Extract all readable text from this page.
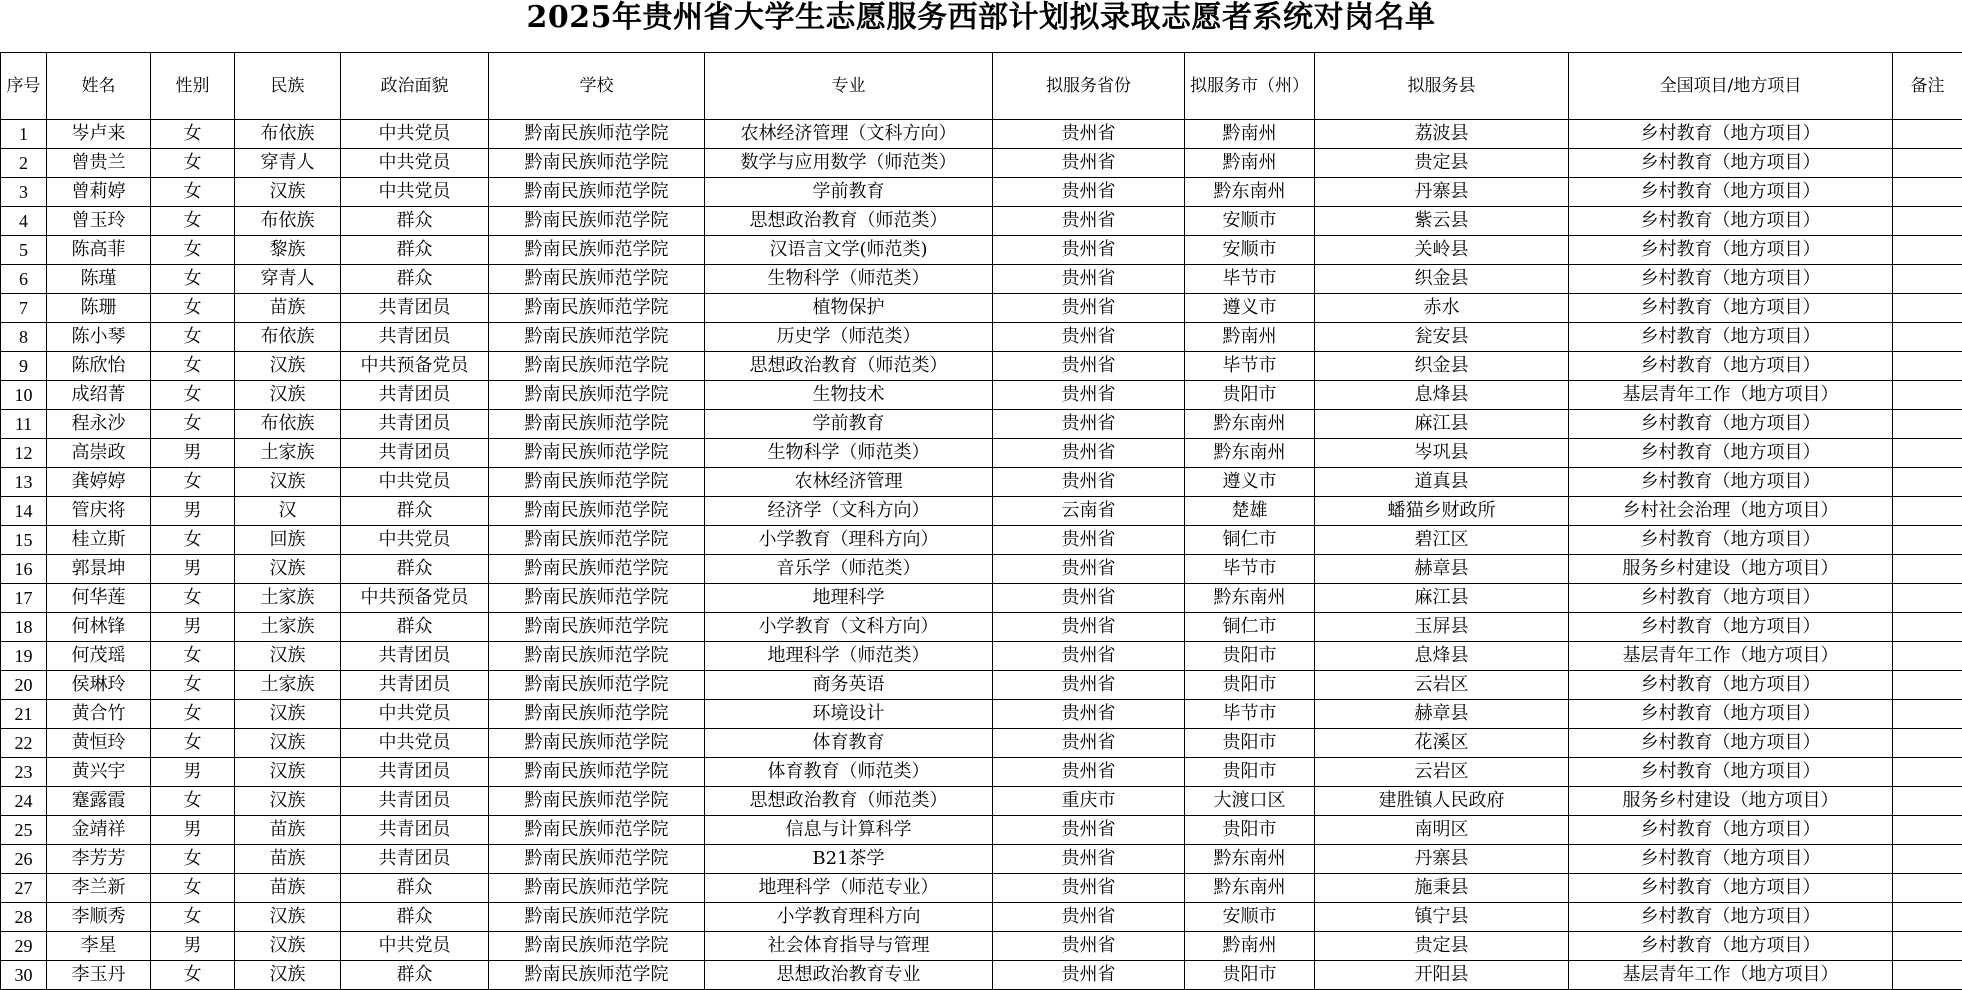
2025年贵州省大学生志愿服务西部计划拟录取志愿者系统对岗名单
序号	姓名	性别	民族	政治面貌	学校	专业	拟服务省份	拟服务市（州）	拟服务县	全国项目/地方项目	备注
1	岑卢来	女	布依族	中共党员	黔南民族师范学院	农林经济管理（文科方向）	贵州省	黔南州	荔波县	乡村教育（地方项目）	
2	曾贵兰	女	穿青人	中共党员	黔南民族师范学院	数学与应用数学（师范类）	贵州省	黔南州	贵定县	乡村教育（地方项目）	
3	曾莉婷	女	汉族	中共党员	黔南民族师范学院	学前教育	贵州省	黔东南州	丹寨县	乡村教育（地方项目）	
4	曾玉玲	女	布依族	群众	黔南民族师范学院	思想政治教育（师范类）	贵州省	安顺市	紫云县	乡村教育（地方项目）	
5	陈高菲	女	黎族	群众	黔南民族师范学院	汉语言文学(师范类)	贵州省	安顺市	关岭县	乡村教育（地方项目）	
6	陈瑾	女	穿青人	群众	黔南民族师范学院	生物科学（师范类）	贵州省	毕节市	织金县	乡村教育（地方项目）	
7	陈珊	女	苗族	共青团员	黔南民族师范学院	植物保护	贵州省	遵义市	赤水	乡村教育（地方项目）	
8	陈小琴	女	布依族	共青团员	黔南民族师范学院	历史学（师范类）	贵州省	黔南州	瓮安县	乡村教育（地方项目）	
9	陈欣怡	女	汉族	中共预备党员	黔南民族师范学院	思想政治教育（师范类）	贵州省	毕节市	织金县	乡村教育（地方项目）	
10	成绍菁	女	汉族	共青团员	黔南民族师范学院	生物技术	贵州省	贵阳市	息烽县	基层青年工作（地方项目）	
11	程永沙	女	布依族	共青团员	黔南民族师范学院	学前教育	贵州省	黔东南州	麻江县	乡村教育（地方项目）	
12	高崇政	男	土家族	共青团员	黔南民族师范学院	生物科学（师范类）	贵州省	黔东南州	岑巩县	乡村教育（地方项目）	
13	龚婷婷	女	汉族	中共党员	黔南民族师范学院	农林经济管理	贵州省	遵义市	道真县	乡村教育（地方项目）	
14	管庆将	男	汉	群众	黔南民族师范学院	经济学（文科方向）	云南省	楚雄	蟠猫乡财政所	乡村社会治理（地方项目）	
15	桂立斯	女	回族	中共党员	黔南民族师范学院	小学教育（理科方向）	贵州省	铜仁市	碧江区	乡村教育（地方项目）	
16	郭景坤	男	汉族	群众	黔南民族师范学院	音乐学（师范类）	贵州省	毕节市	赫章县	服务乡村建设（地方项目）	
17	何华莲	女	土家族	中共预备党员	黔南民族师范学院	地理科学	贵州省	黔东南州	麻江县	乡村教育（地方项目）	
18	何林锋	男	土家族	群众	黔南民族师范学院	小学教育（文科方向）	贵州省	铜仁市	玉屏县	乡村教育（地方项目）	
19	何茂瑶	女	汉族	共青团员	黔南民族师范学院	地理科学（师范类）	贵州省	贵阳市	息烽县	基层青年工作（地方项目）	
20	侯琳玲	女	土家族	共青团员	黔南民族师范学院	商务英语	贵州省	贵阳市	云岩区	乡村教育（地方项目）	
21	黄合竹	女	汉族	中共党员	黔南民族师范学院	环境设计	贵州省	毕节市	赫章县	乡村教育（地方项目）	
22	黄恒玲	女	汉族	中共党员	黔南民族师范学院	体育教育	贵州省	贵阳市	花溪区	乡村教育（地方项目）	
23	黄兴宇	男	汉族	共青团员	黔南民族师范学院	体育教育（师范类）	贵州省	贵阳市	云岩区	乡村教育（地方项目）	
24	蹇露霞	女	汉族	共青团员	黔南民族师范学院	思想政治教育（师范类）	重庆市	大渡口区	建胜镇人民政府	服务乡村建设（地方项目）	
25	金靖祥	男	苗族	共青团员	黔南民族师范学院	信息与计算科学	贵州省	贵阳市	南明区	乡村教育（地方项目）	
26	李芳芳	女	苗族	共青团员	黔南民族师范学院	B21茶学	贵州省	黔东南州	丹寨县	乡村教育（地方项目）	
27	李兰新	女	苗族	群众	黔南民族师范学院	地理科学（师范专业）	贵州省	黔东南州	施秉县	乡村教育（地方项目）	
28	李顺秀	女	汉族	群众	黔南民族师范学院	小学教育理科方向	贵州省	安顺市	镇宁县	乡村教育（地方项目）	
29	李星	男	汉族	中共党员	黔南民族师范学院	社会体育指导与管理	贵州省	黔南州	贵定县	乡村教育（地方项目）	
30	李玉丹	女	汉族	群众	黔南民族师范学院	思想政治教育专业	贵州省	贵阳市	开阳县	基层青年工作（地方项目）	
